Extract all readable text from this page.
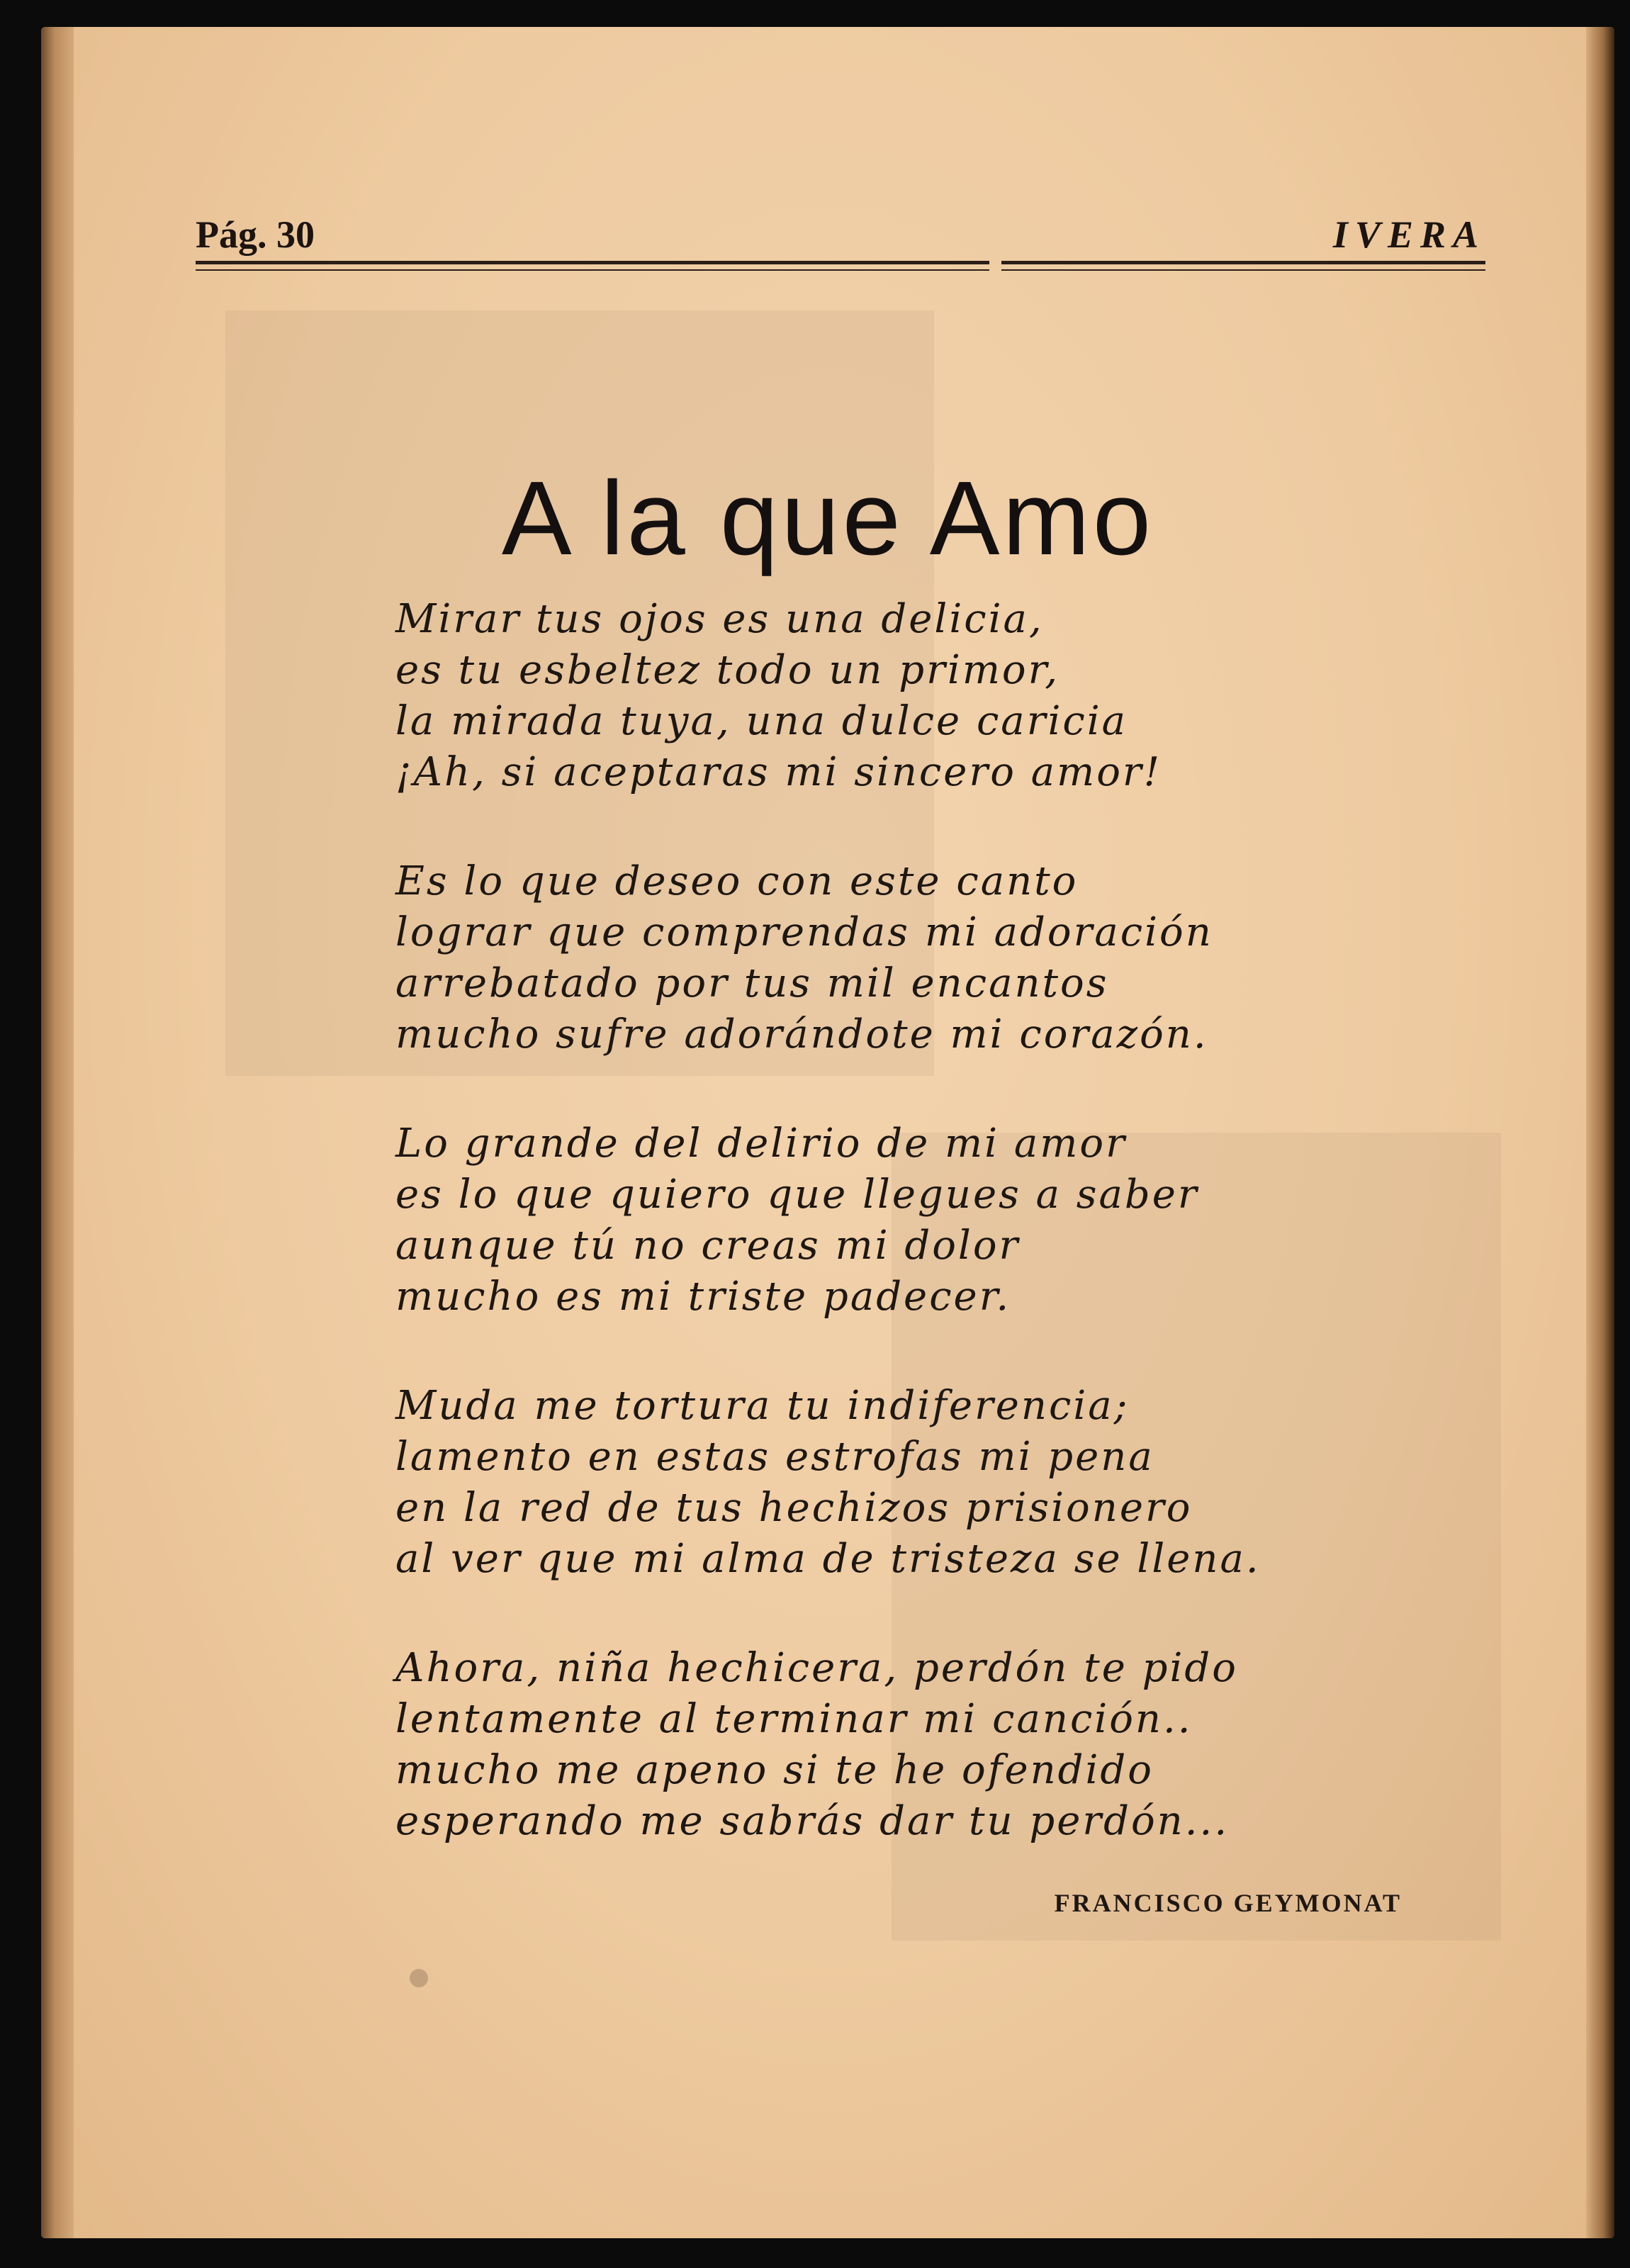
Pág. 30	IVERA
A la que Amo
Mirar tus ojos es una delicia,
es tu esbeltez todo un primor,
la mirada tuya, una dulce caricia
¡Ah, si aceptaras mi sincero amor!
Es lo que deseo con este canto
lograr que comprendas mi adoración
arrebatado por tus mil encantos
mucho sufre adorándote mi corazón.
Lo grande del delirio de mi amor
es lo que quiero que llegues a saber
aunque tú no creas mi dolor
mucho es mi triste padecer.
Muda me tortura tu indiferencia;
lamento en estas estrofas mi pena
en la red de tus hechizos prisionero
al ver que mi alma de tristeza se llena.
Ahora, niña hechicera, perdón te pido
lentamente al terminar mi canción..
mucho me apeno si te he ofendido
esperando me sabrás dar tu perdón...
FRANCISCO GEYMONAT
